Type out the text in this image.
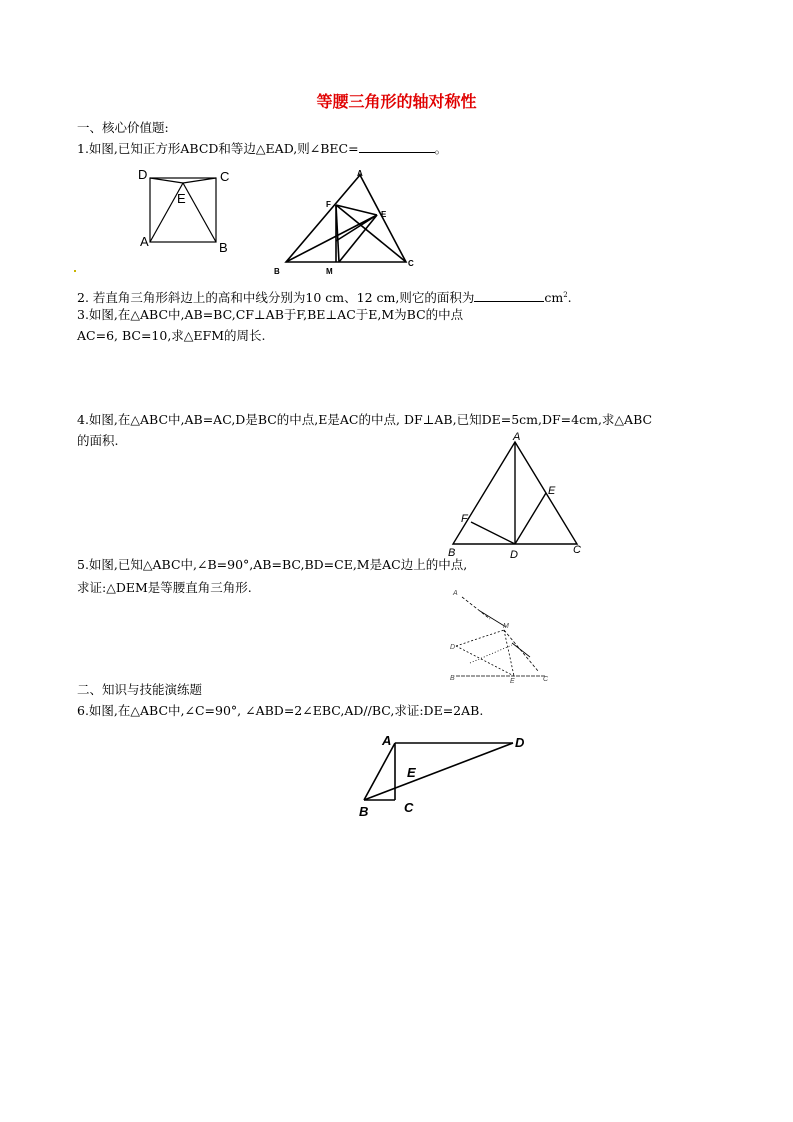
等腰三角形的轴对称性
一、核心价值题:
1.如图,已知正方形ABCD和等边△EAD,则∠BEC=	。
D	C
E
A	B
A
F
E
B	M
C
2. 若直角三角形斜边上的高和中线分别为10 cm、12 cm,则它的面积为	$cm^2$.
3.如图,在△ABC中,AB=BC,CF⊥AB于F,BE⊥AC于E,M为BC的中点
AC=6, BC=10,求△EFM的周长.
4.如图,在△ABC中,AB=AC,D是BC的中点,E是AC的中点, DF⊥AB,已知DE=5cm,DF=4cm,求△ABC
的面积.	A
E
F
B	D	C
5.如图,已知△ABC中,∠B=90°,AB=BC,BD=CE,M是AC边上的中点,
求证:△DEM是等腰直角三角形.	A
M
D
B	E	C
二、知识与技能演练题
6.如图,在△ABC中,∠C=90°, ∠ABD=2∠EBC,AD//BC,求证:DE=2AB.
A	D
E
B	C
